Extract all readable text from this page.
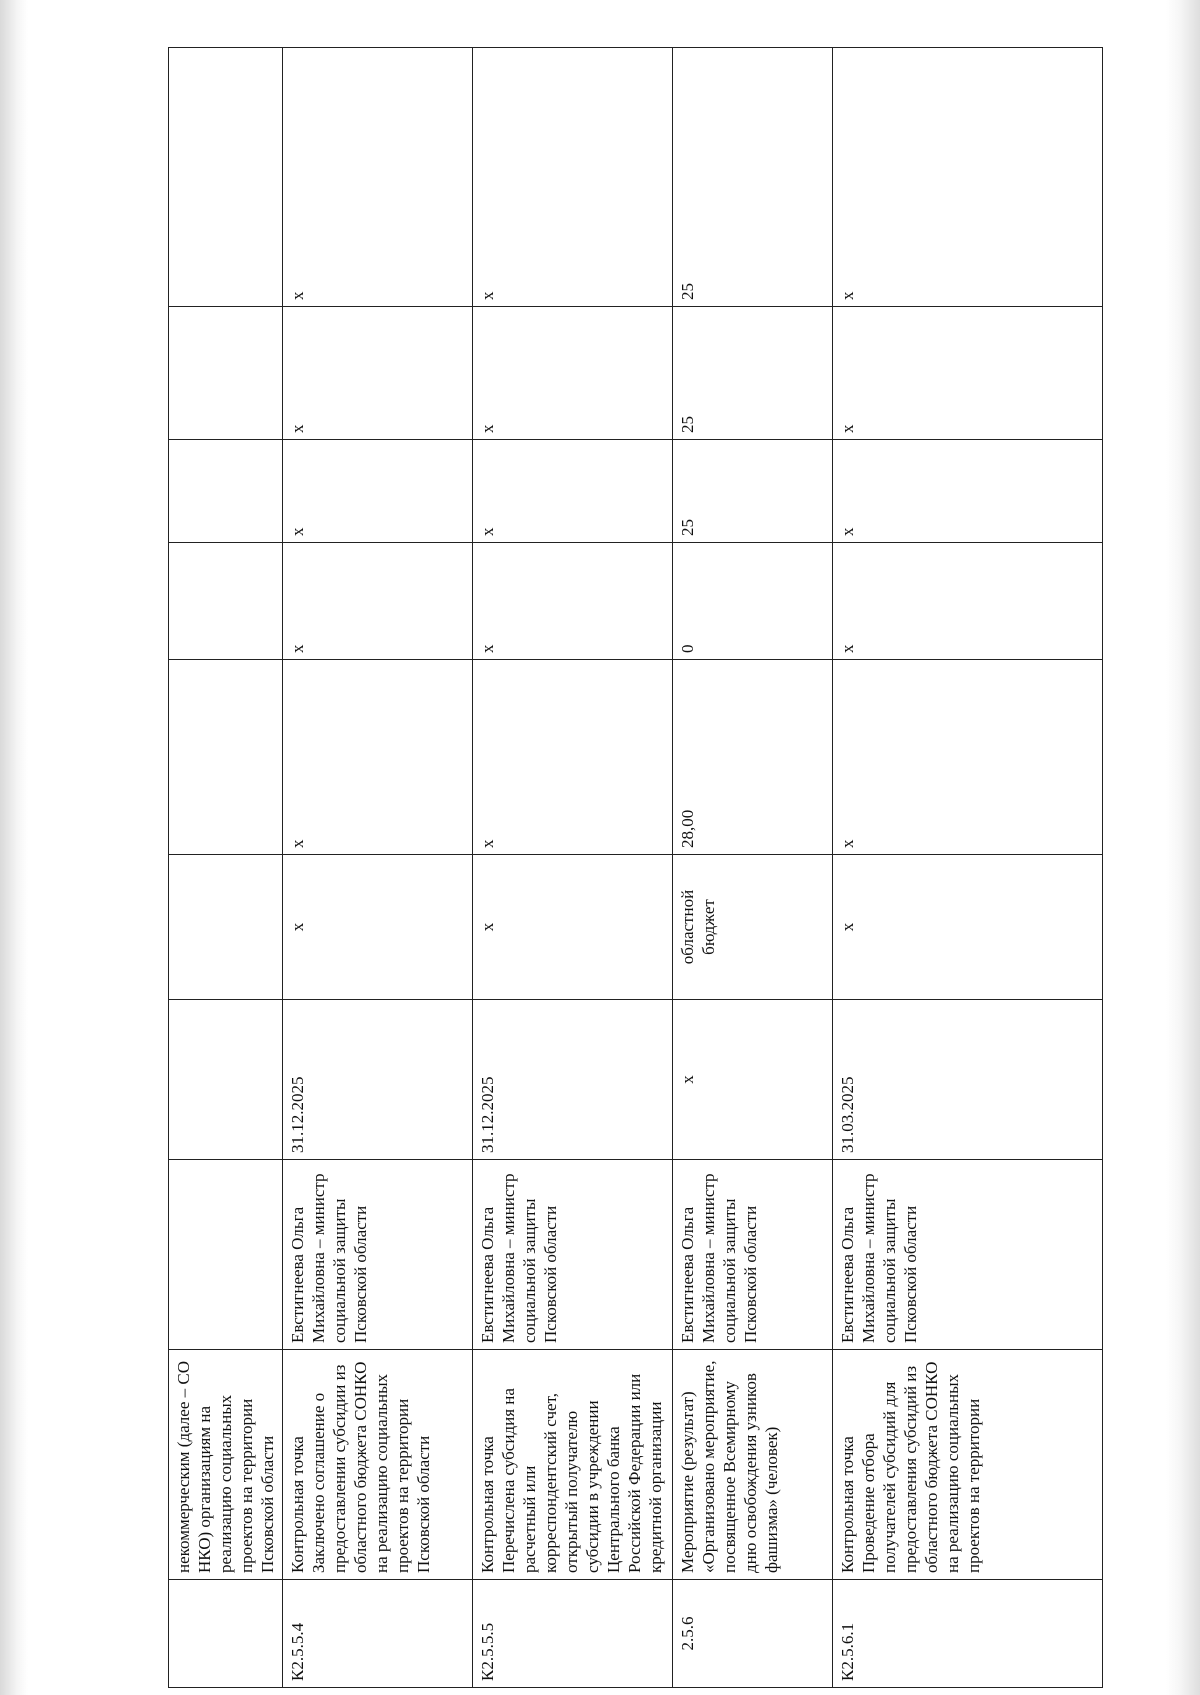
	некоммерческим (далее – СО НКО) организациям на реализацию социальных проектов на территории Псковской области								
К2.5.5.4	Контрольная точка Заключено соглашение о предоставлении субсидии из областного бюджета СОНКО на реализацию социальных проектов на территории Псковской области	Евстигнеева Ольга Михайловна – министр социальной защиты Псковской области	31.12.2025	х	х	х	х	х	х
К2.5.5.5	Контрольная точка Перечислена субсидия на расчетный или корреспондентский счет, открытый получателю субсидии в учреждении Центрального банка Российской Федерации или кредитной организации	Евстигнеева Ольга Михайловна – министр социальной защиты Псковской области	31.12.2025	х	х	х	х	х	х
2.5.6	Мероприятие (результат) «Организовано мероприятие, посвященное Всемирному дню освобождения узников фашизма» (человек)	Евстигнеева Ольга Михайловна – министр социальной защиты Псковской области	х	областной бюджет	28,00	0	25	25	25
К2.5.6.1	Контрольная точка Проведение отбора получателей субсидий для предоставления субсидий из областного бюджета СОНКО на реализацию социальных проектов на территории	Евстигнеева Ольга Михайловна – министр социальной защиты Псковской области	31.03.2025	х	х	х	х	х	х
